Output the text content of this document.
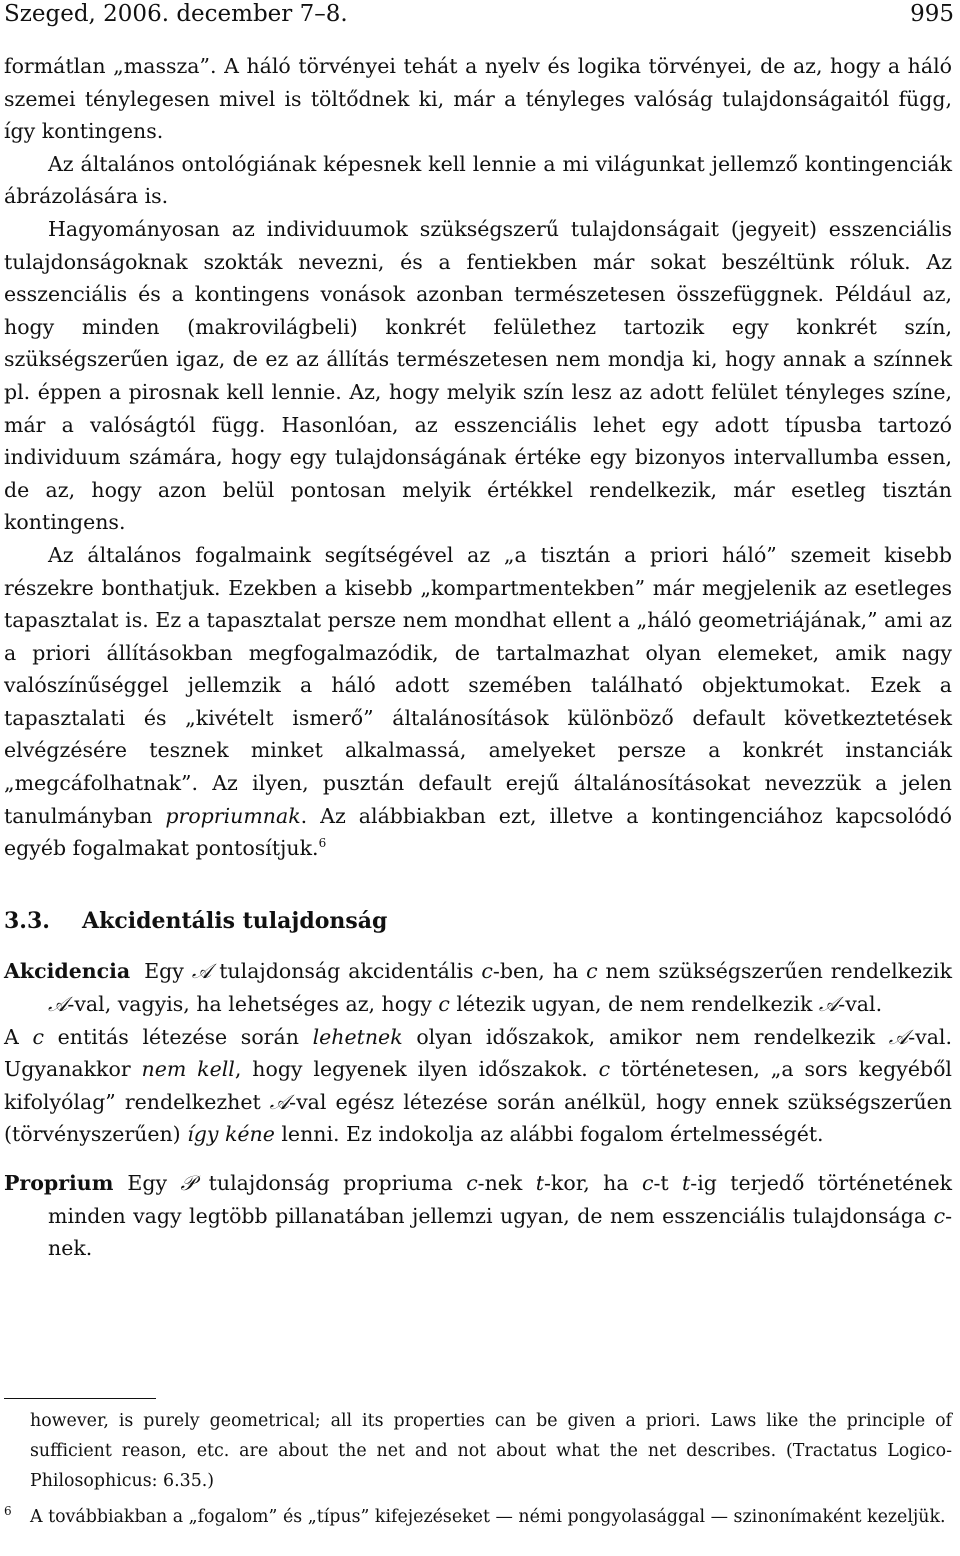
Szeged, 2006. december 7–8.	995

formátlan „massza”. A háló törvényei tehát a nyelv és logika törvényei, de az, hogy a háló szemei ténylegesen mivel is töltődnek ki, már a tényleges valóság tulajdonságaitól függ, így kontingens.

Az általános ontológiának képesnek kell lennie a mi világunkat jellemző kontingenciák ábrázolására is.

Hagyományosan az individuumok szükségszerű tulajdonságait (jegyeit) esszenciális tulajdonságoknak szokták nevezni, és a fentiekben már sokat beszéltünk róluk. Az esszenciális és a kontingens vonások azonban természetesen összefüggnek. Például az, hogy minden (makrovilágbeli) konkrét felülethez tartozik egy konkrét szín, szükségszerűen igaz, de ez az állítás természetesen nem mondja ki, hogy annak a színnek pl. éppen a pirosnak kell lennie. Az, hogy melyik szín lesz az adott felület tényleges színe, már a valóságtól függ. Hasonlóan, az esszenciális lehet egy adott típusba tartozó individuum számára, hogy egy tulajdonságának értéke egy bizonyos intervallumba essen, de az, hogy azon belül pontosan melyik értékkel rendelkezik, már esetleg tisztán kontingens.

Az általános fogalmaink segítségével az „a tisztán a priori háló” szemeit kisebb részekre bonthatjuk. Ezekben a kisebb „kompartmentekben” már megjelenik az esetleges tapasztalat is. Ez a tapasztalat persze nem mondhat ellent a „háló geometriájának,” ami az a priori állításokban megfogalmazódik, de tartalmazhat olyan elemeket, amik nagy valószínűséggel jellemzik a háló adott szemében található objektumokat. Ezek a tapasztalati és „kivételt ismerő” általánosítások különböző default következtetések elvégzésére tesznek minket alkalmassá, amelyeket persze a konkrét instanciák „megcáfolhatnak”. Az ilyen, pusztán default erejű általánosításokat nevezzük a jelen tanulmányban propriumnak. Az alábbiakban ezt, illetve a kontingenciához kapcsolódó egyéb fogalmakat pontosítjuk.$^6$

3.3. Akcidentális tulajdonság

Akcidencia Egy 𝒜 tulajdonság akcidentális c-ben, ha c nem szükségszerűen rendelkezik 𝒜-val, vagyis, ha lehetséges az, hogy c létezik ugyan, de nem rendelkezik 𝒜-val.

A c entitás létezése során lehetnek olyan időszakok, amikor nem rendelkezik 𝒜-val. Ugyanakkor nem kell, hogy legyenek ilyen időszakok. c történetesen, „a sors kegyéből kifolyólag” rendelkezhet 𝒜-val egész létezése során anélkül, hogy ennek szükségszerűen (törvényszerűen) így kéne lenni. Ez indokolja az alábbi fogalom értelmességét.

Proprium Egy 𝒫 tulajdonság propriuma c-nek t-kor, ha c-t t-ig terjedő történetének minden vagy legtöbb pillanatában jellemzi ugyan, de nem esszenciális tulajdonsága c-nek.

however, is purely geometrical; all its properties can be given a priori. Laws like the principle of sufficient reason, etc. are about the net and not about what the net describes. (Tractatus Logico-Philosophicus: 6.35.)

6 A továbbiakban a „fogalom” és „típus” kifejezéseket — némi pongyolasággal — szinonímaként kezeljük.
